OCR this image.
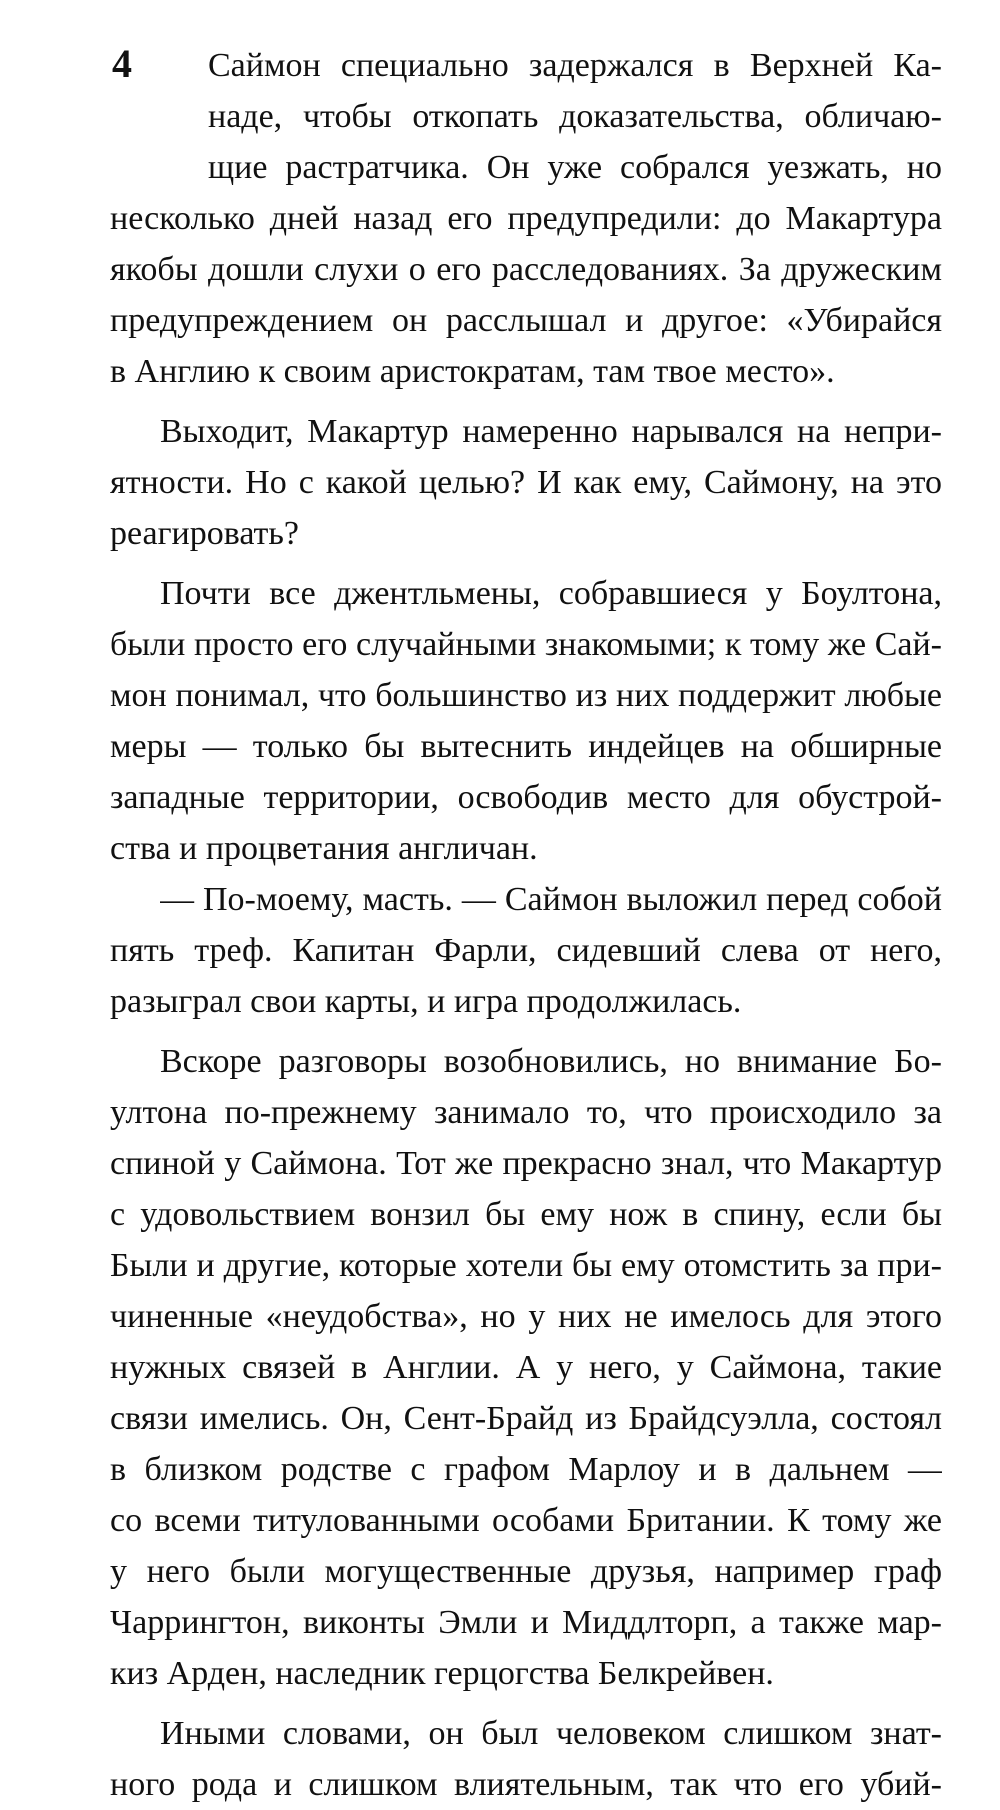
4 Саймон специально задержался в Верхней Ка-
наде, чтобы откопать доказательства, обличаю-
щие растратчика. Он уже собрался уезжать, но
несколько дней назад его предупредили: до Макартура
якобы дошли слухи о его расследованиях. За дружеским
предупреждением он расслышал и другое: «Убирайся
в Англию к своим аристократам, там твое место».
Выходит, Макартур намеренно нарывался на непри-
ятности. Но с какой целью? И как ему, Саймону, на это
реагировать?
Почти все джентльмены, собравшиеся у Боултона,
были просто его случайными знакомыми; к тому же Сай-
мон понимал, что большинство из них поддержит любые
меры — только бы вытеснить индейцев на обширные
западные территории, освободив место для обустрой-
ства и процветания англичан.
— По-моему, масть. — Саймон выложил перед собой
пять треф. Капитан Фарли, сидевший слева от него,
разыграл свои карты, и игра продолжилась.
Вскоре разговоры возобновились, но внимание Бо-
ултона по-прежнему занимало то, что происходило за
спиной у Саймона. Тот же прекрасно знал, что Макартур
с удовольствием вонзил бы ему нож в спину, если бы
Были и другие, которые хотели бы ему отомстить за при-
чиненные «неудобства», но у них не имелось для этого
нужных связей в Англии. А у него, у Саймона, такие
связи имелись. Он, Сент-Брайд из Брайдсуэлла, состоял
в близком родстве с графом Марлоу и в дальнем —
со всеми титулованными особами Британии. К тому же
у него были могущественные друзья, например граф
Чаррингтон, виконты Эмли и Миддлторп, а также мар-
киз Арден, наследник герцогства Белкрейвен.
Иными словами, он был человеком слишком знат-
ного рода и слишком влиятельным, так что его убий-
